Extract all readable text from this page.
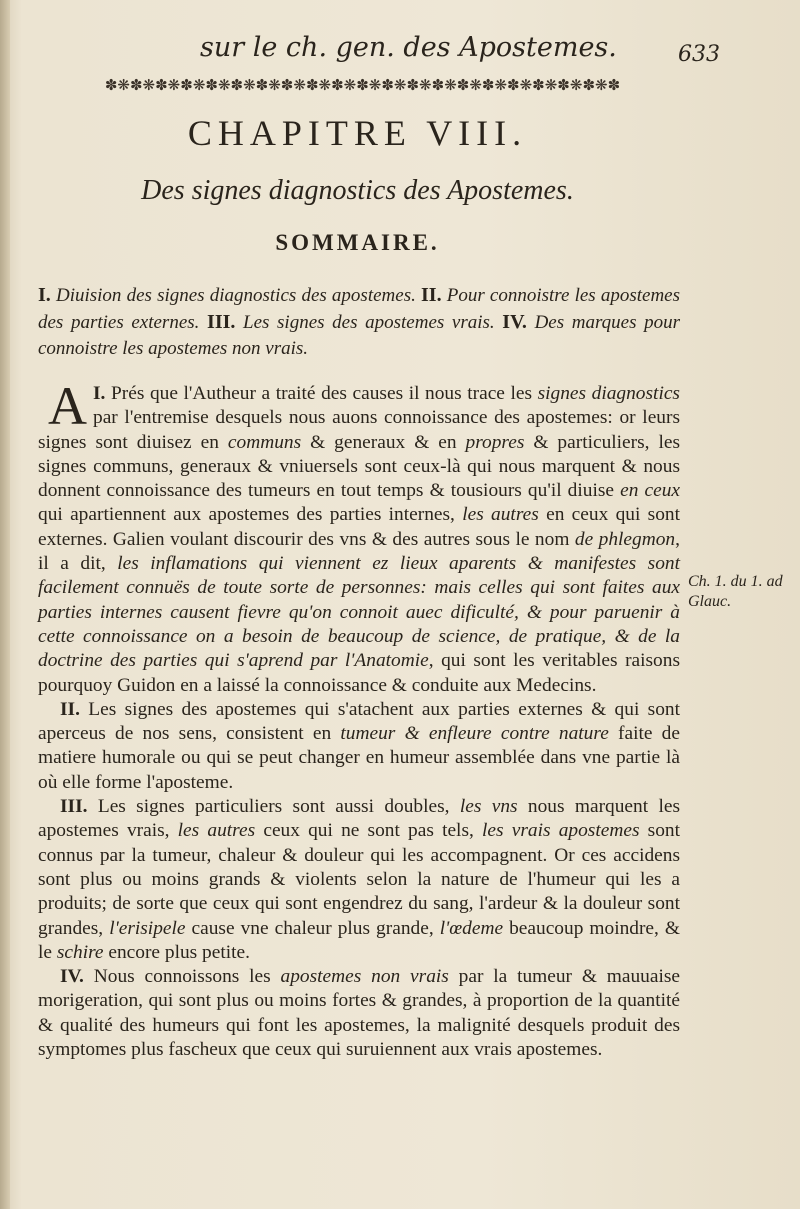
sur le ch. gen. des Apostemes.	633
✽❋✽❋✽❋✽❋✽❋✽❋✽❋✽❋✽❋✽❋✽❋✽❋✽❋✽❋✽❋✽❋✽❋✽❋✽❋✽❋✽
CHAPITRE VIII.
Des signes diagnostics des Apostemes.
SOMMAIRE.
I. Diuision des signes diagnostics des apostemes. II. Pour connoistre les apostemes des parties externes. III. Les signes des apostemes vrais. IV. Des marques pour connoistre les apostemes non vrais.

I.
A Prés que l'Autheur a traité des causes il nous trace les signes diagnostics par l'entremise desquels nous auons connoissance des apostemes: or leurs signes sont diuisez en communs & generaux & en propres & particuliers, les signes communs, generaux & vniuersels sont ceux-là qui nous marquent & nous donnent connoissance des tumeurs en tout temps & tousiours qu'il diuise en ceux qui apartiennent aux apostemes des parties internes, les autres en ceux qui sont externes. Galien voulant discourir des vns & des autres sous le nom de phlegmon, il a dit, les inflamations qui viennent ez lieux aparents & manifestes sont facilement connuës de toute sorte de personnes: mais celles qui sont faites aux parties internes causent fievre qu'on connoit auec dificulté, & pour paruenir à cette connoissance on a besoin de beaucoup de science, de pratique, & de la doctrine des parties qui s'aprend par l'Anatomie, qui sont les veritables raisons pourquoy Guidon en a laissé la connoissance & conduite aux Medecins.

II. Les signes des apostemes qui s'atachent aux parties externes & qui sont aperceus de nos sens, consistent en tumeur & enfleure contre nature faite de matiere humorale ou qui se peut changer en humeur assemblée dans vne partie là où elle forme l'aposteme.

III. Les signes particuliers sont aussi doubles, les vns nous marquent les apostemes vrais, les autres ceux qui ne sont pas tels, les vrais apostemes sont connus par la tumeur, chaleur & douleur qui les accompagnent. Or ces accidens sont plus ou moins grands & violents selon la nature de l'humeur qui les a produits; de sorte que ceux qui sont engendrez du sang, l'ardeur & la douleur sont grandes, l'erisipele cause vne chaleur plus grande, l'œdeme beaucoup moindre, & le schire encore plus petite.

IV. Nous connoissons les apostemes non vrais par la tumeur & mauuaise morigeration, qui sont plus ou moins fortes & grandes, à proportion de la quantité & qualité des humeurs qui font les apostemes, la malignité desquels produit des symptomes plus fascheux que ceux qui suruiennent aux vrais apostemes.

Ch. 1. du 1. ad Glauc.
